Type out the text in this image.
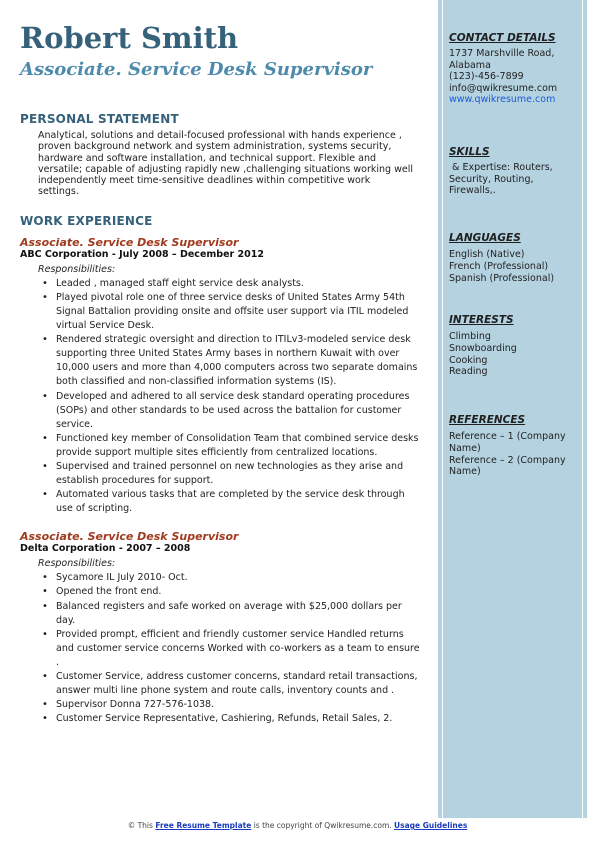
Robert Smith
Associate. Service Desk Supervisor
PERSONAL STATEMENT

Analytical, solutions and detail-focused professional with hands experience , proven background network and system administration, systems security, hardware and software installation, and technical support. Flexible and versatile; capable of adjusting rapidly new ,challenging situations working well independently meet time-sensitive deadlines within competitive work settings.

WORK EXPERIENCE

Associate. Service Desk Supervisor

ABC Corporation - July 2008 – December 2012

Responsibilities:

• Leaded , managed staff eight service desk analysts.
• Played pivotal role one of three service desks of United States Army 54th Signal Battalion providing onsite and offsite user support via ITIL modeled virtual Service Desk.
• Rendered strategic oversight and direction to ITILv3-modeled service desk supporting three United States Army bases in northern Kuwait with over 10,000 users and more than 4,000 computers across two separate domains both classified and non-classified information systems (IS).
• Developed and adhered to all service desk standard operating procedures (SOPs) and other standards to be used across the battalion for customer service.
• Functioned key member of Consolidation Team that combined service desks provide support multiple sites efficiently from centralized locations.
• Supervised and trained personnel on new technologies as they arise and establish procedures for support.
• Automated various tasks that are completed by the service desk through use of scripting.

Associate. Service Desk Supervisor

Delta Corporation - 2007 – 2008

Responsibilities:

• Sycamore IL July 2010- Oct.
• Opened the front end.
• Balanced registers and safe worked on average with $25,000 dollars per day.
• Provided prompt, efficient and friendly customer service Handled returns and customer service concerns Worked with co-workers as a team to ensure .
• Customer Service, address customer concerns, standard retail transactions, answer multi line phone system and route calls, inventory counts and .
• Supervisor Donna 727-576-1038.
• Customer Service Representative, Cashiering, Refunds, Retail Sales, 2.

CONTACT DETAILS

1737 Marshville Road, Alabama
(123)-456-7899
info@qwikresume.com
www.qwikresume.com

SKILLS

& Expertise: Routers, Security, Routing, Firewalls,.

LANGUAGES

English (Native)
French (Professional)
Spanish (Professional)

INTERESTS

Climbing
Snowboarding
Cooking
Reading

REFERENCES

Reference – 1 (Company Name)
Reference – 2 (Company Name)
© This Free Resume Template is the copyright of Qwikresume.com. Usage Guidelines
